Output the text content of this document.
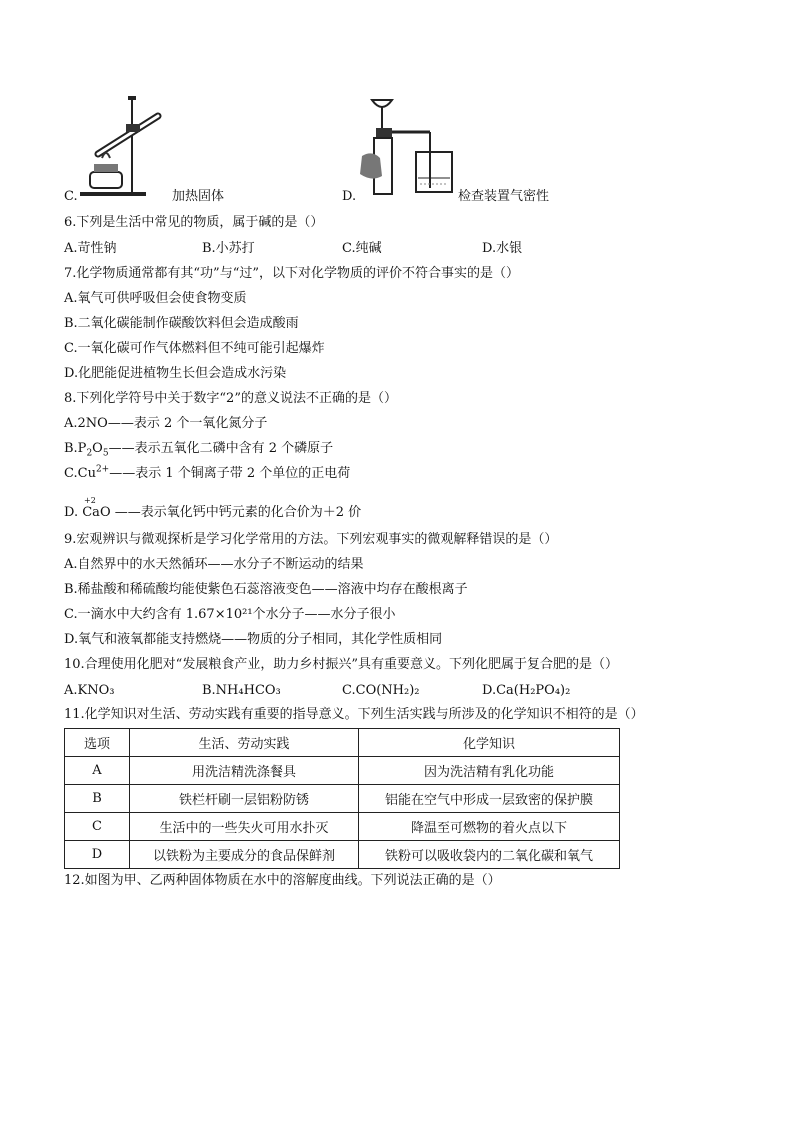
C.	加热固体	D.	检查装置气密性
6.下列是生活中常见的物质，属于碱的是（）
A.苛性钠	B.小苏打	C.纯碱	D.水银
7.化学物质通常都有其“功”与“过”，以下对化学物质的评价不符合事实的是（）
A.氧气可供呼吸但会使食物变质
B.二氧化碳能制作碳酸饮料但会造成酸雨
C.一氧化碳可作气体燃料但不纯可能引起爆炸
D.化肥能促进植物生长但会造成水污染
8.下列化学符号中关于数字“2”的意义说法不正确的是（）
A.2NO——表示 2 个一氧化氮分子
$B.P_2O_5——$表示五氧化二磷中含有 2 个磷原子
$C.Cu^{2+}——$表示 1 个铜离子带 2 个单位的正电荷
+2
D. CaO ——表示氧化钙中钙元素的化合价为＋2 价
9.宏观辨识与微观探析是学习化学常用的方法。下列宏观事实的微观解释错误的是（）
A.自然界中的水天然循环——水分子不断运动的结果
B.稀盐酸和稀硫酸均能使紫色石蕊溶液变色——溶液中均存在酸根离子
C.一滴水中大约含有 1.67×10²¹个水分子——水分子很小
D.氧气和液氧都能支持燃烧——物质的分子相同，其化学性质相同
10.合理使用化肥对“发展粮食产业，助力乡村振兴”具有重要意义。下列化肥属于复合肥的是（）
A.KNO₃	B.NH₄HCO₃	C.CO(NH₂)₂	D.Ca(H₂PO₄)₂
11.化学知识对生活、劳动实践有重要的指导意义。下列生活实践与所涉及的化学知识不相符的是（）
选项	生活、劳动实践	化学知识
A	用洗洁精洗涤餐具	因为洗洁精有乳化功能
B	铁栏杆刷一层铝粉防锈	铝能在空气中形成一层致密的保护膜
C	生活中的一些失火可用水扑灭	降温至可燃物的着火点以下
D	以铁粉为主要成分的食品保鲜剂	铁粉可以吸收袋内的二氧化碳和氧气
12.如图为甲、乙两种固体物质在水中的溶解度曲线。下列说法正确的是（）
